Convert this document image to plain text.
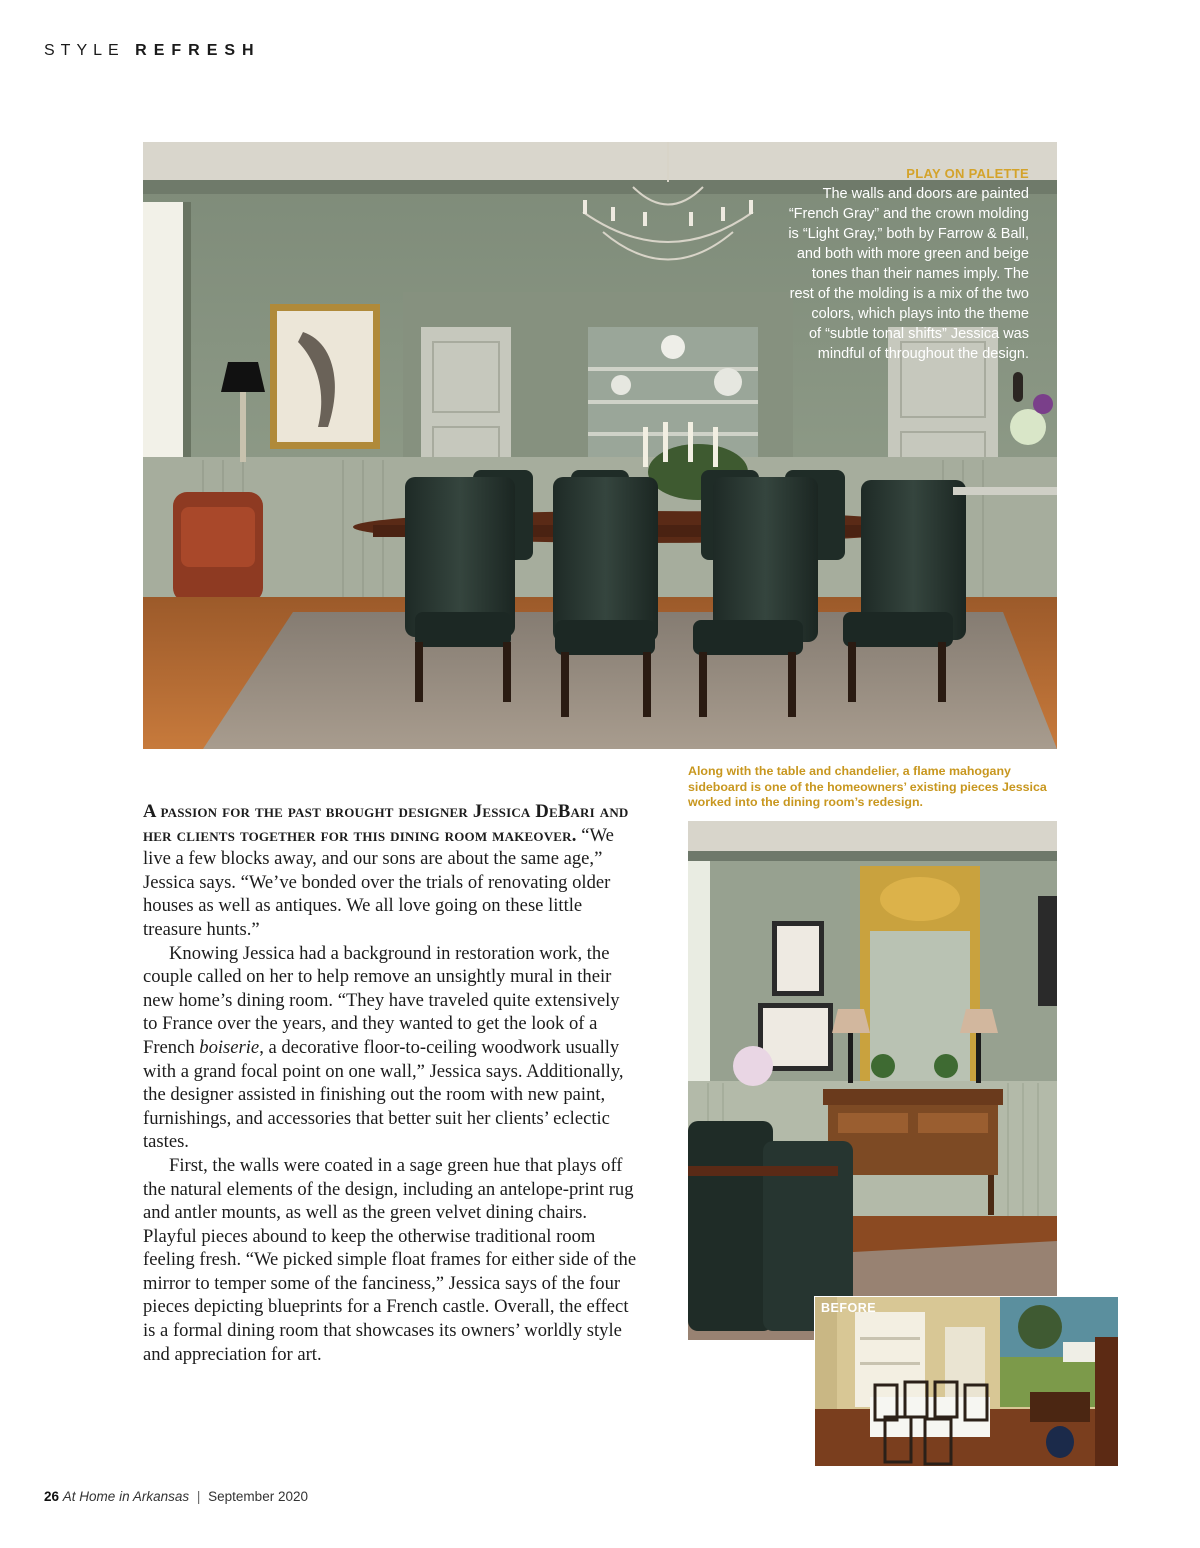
STYLE REFRESH
PLAY ON PALETTE
The walls and doors are painted
“French Gray” and the crown molding
is “Light Gray,” both by Farrow & Ball,
and both with more green and beige
tones than their names imply. The
rest of the molding is a mix of the two
colors, which plays into the theme
of “subtle tonal shifts” Jessica was
mindful of throughout the design.

A passion for the past brought designer Jessica DeBari and her clients together for this dining room makeover. “We live a few blocks away, and our sons are about the same age,” Jessica says. “We’ve bonded over the trials of renovating older houses as well as antiques. We all love going on these little treasure hunts.”

Knowing Jessica had a background in restoration work, the couple called on her to help remove an unsightly mural in their new home’s dining room. “They have traveled quite extensively to France over the years, and they wanted to get the look of a French boiserie, a decorative floor-to-ceiling woodwork usually with a grand focal point on one wall,” Jessica says. Additionally, the designer assisted in finishing out the room with new paint, furnishings, and accessories that better suit her clients’ eclectic tastes.

First, the walls were coated in a sage green hue that plays off the natural elements of the design, including an antelope-print rug and antler mounts, as well as the green velvet dining chairs. Playful pieces abound to keep the otherwise traditional room feeling fresh. “We picked simple float frames for either side of the mirror to temper some of the fanciness,” Jessica says of the four pieces depicting blueprints for a French castle. Overall, the effect is a formal dining room that showcases its owners’ worldly style and appreciation for art.

Along with the table and chandelier, a flame mahogany sideboard is one of the homeowners’ existing pieces Jessica worked into the dining room’s redesign.
BEFORE
26 At Home in Arkansas | September 2020
